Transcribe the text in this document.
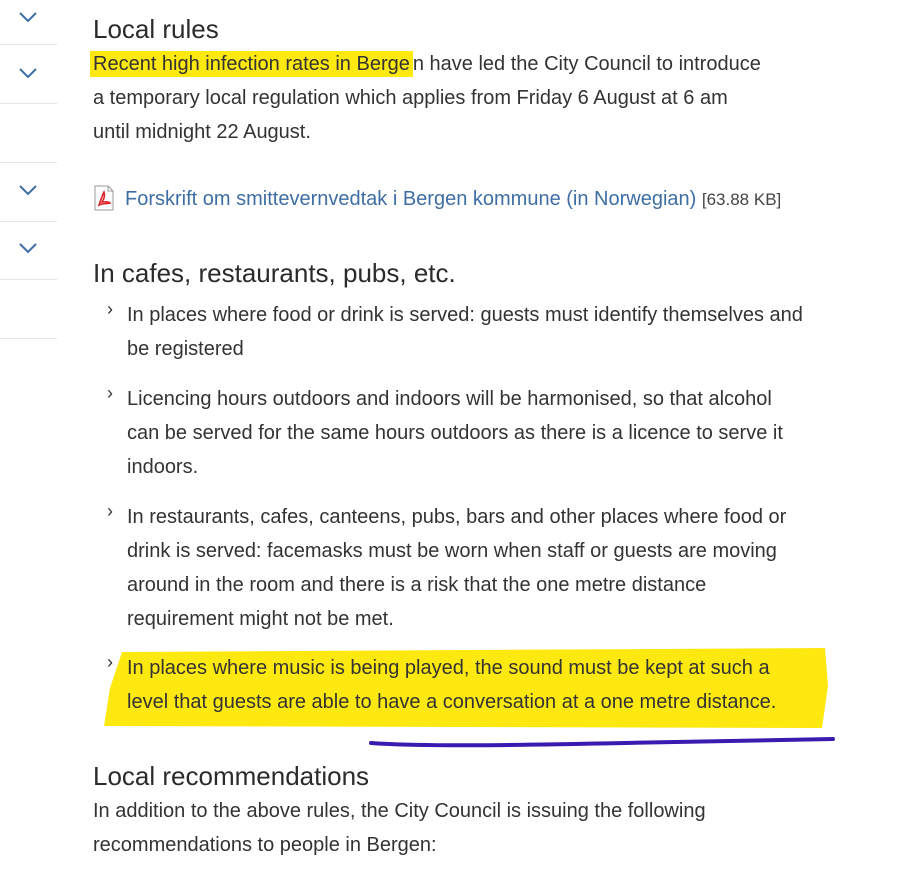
Local rules
Recent high infection rates in Berge n have led the City Council to introduce
a temporary local regulation which applies from Friday 6 August at 6 am
until midnight 22 August.
Forskrift om smittevernvedtak i Bergen kommune (in Norwegian) [63.88 KB]
In cafes, restaurants, pubs, etc.
› In places where food or drink is served: guests must identify themselves and
be registered
› Licencing hours outdoors and indoors will be harmonised, so that alcohol
can be served for the same hours outdoors as there is a licence to serve it
indoors.
› In restaurants, cafes, canteens, pubs, bars and other places where food or
drink is served: facemasks must be worn when staff or guests are moving
around in the room and there is a risk that the one metre distance
requirement might not be met.
› In places where music is being played, the sound must be kept at such a
level that guests are able to have a conversation at a one metre distance.
Local recommendations
In addition to the above rules, the City Council is issuing the following
recommendations to people in Bergen:
